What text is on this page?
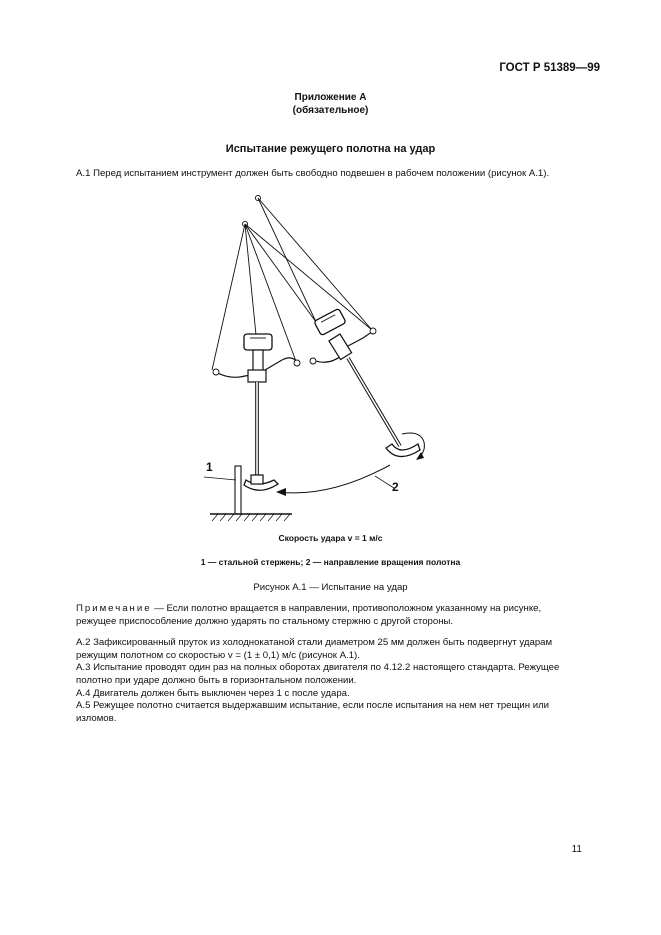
ГОСТ Р 51389—99
Приложение А
(обязательное)
Испытание режущего полотна на удар
А.1 Перед испытанием инструмент должен быть свободно подвешен в рабочем положении (рисунок А.1).
1
2
Скорость удара v = 1 м/с
1 — стальной стержень; 2 — направление вращения полотна
Рисунок А.1 — Испытание на удар
Примечание — Если полотно вращается в направлении, противоположном указанному на рисунке,
режущее приспособление должно ударять по стальному стержню с другой стороны.
А.2 Зафиксированный пруток из холоднокатаной стали диаметром 25 мм должен быть подвергнут ударам
режущим полотном со скоростью v = (1 ± 0,1) м/с (рисунок А.1).
А.3 Испытание проводят один раз на полных оборотах двигателя по 4.12.2 настоящего стандарта. Режущее
полотно при ударе должно быть в горизонтальном положении.
А.4 Двигатель должен быть выключен через 1 с после удара.
А.5 Режущее полотно считается выдержавшим испытание, если после испытания на нем нет трещин или
изломов.
11
